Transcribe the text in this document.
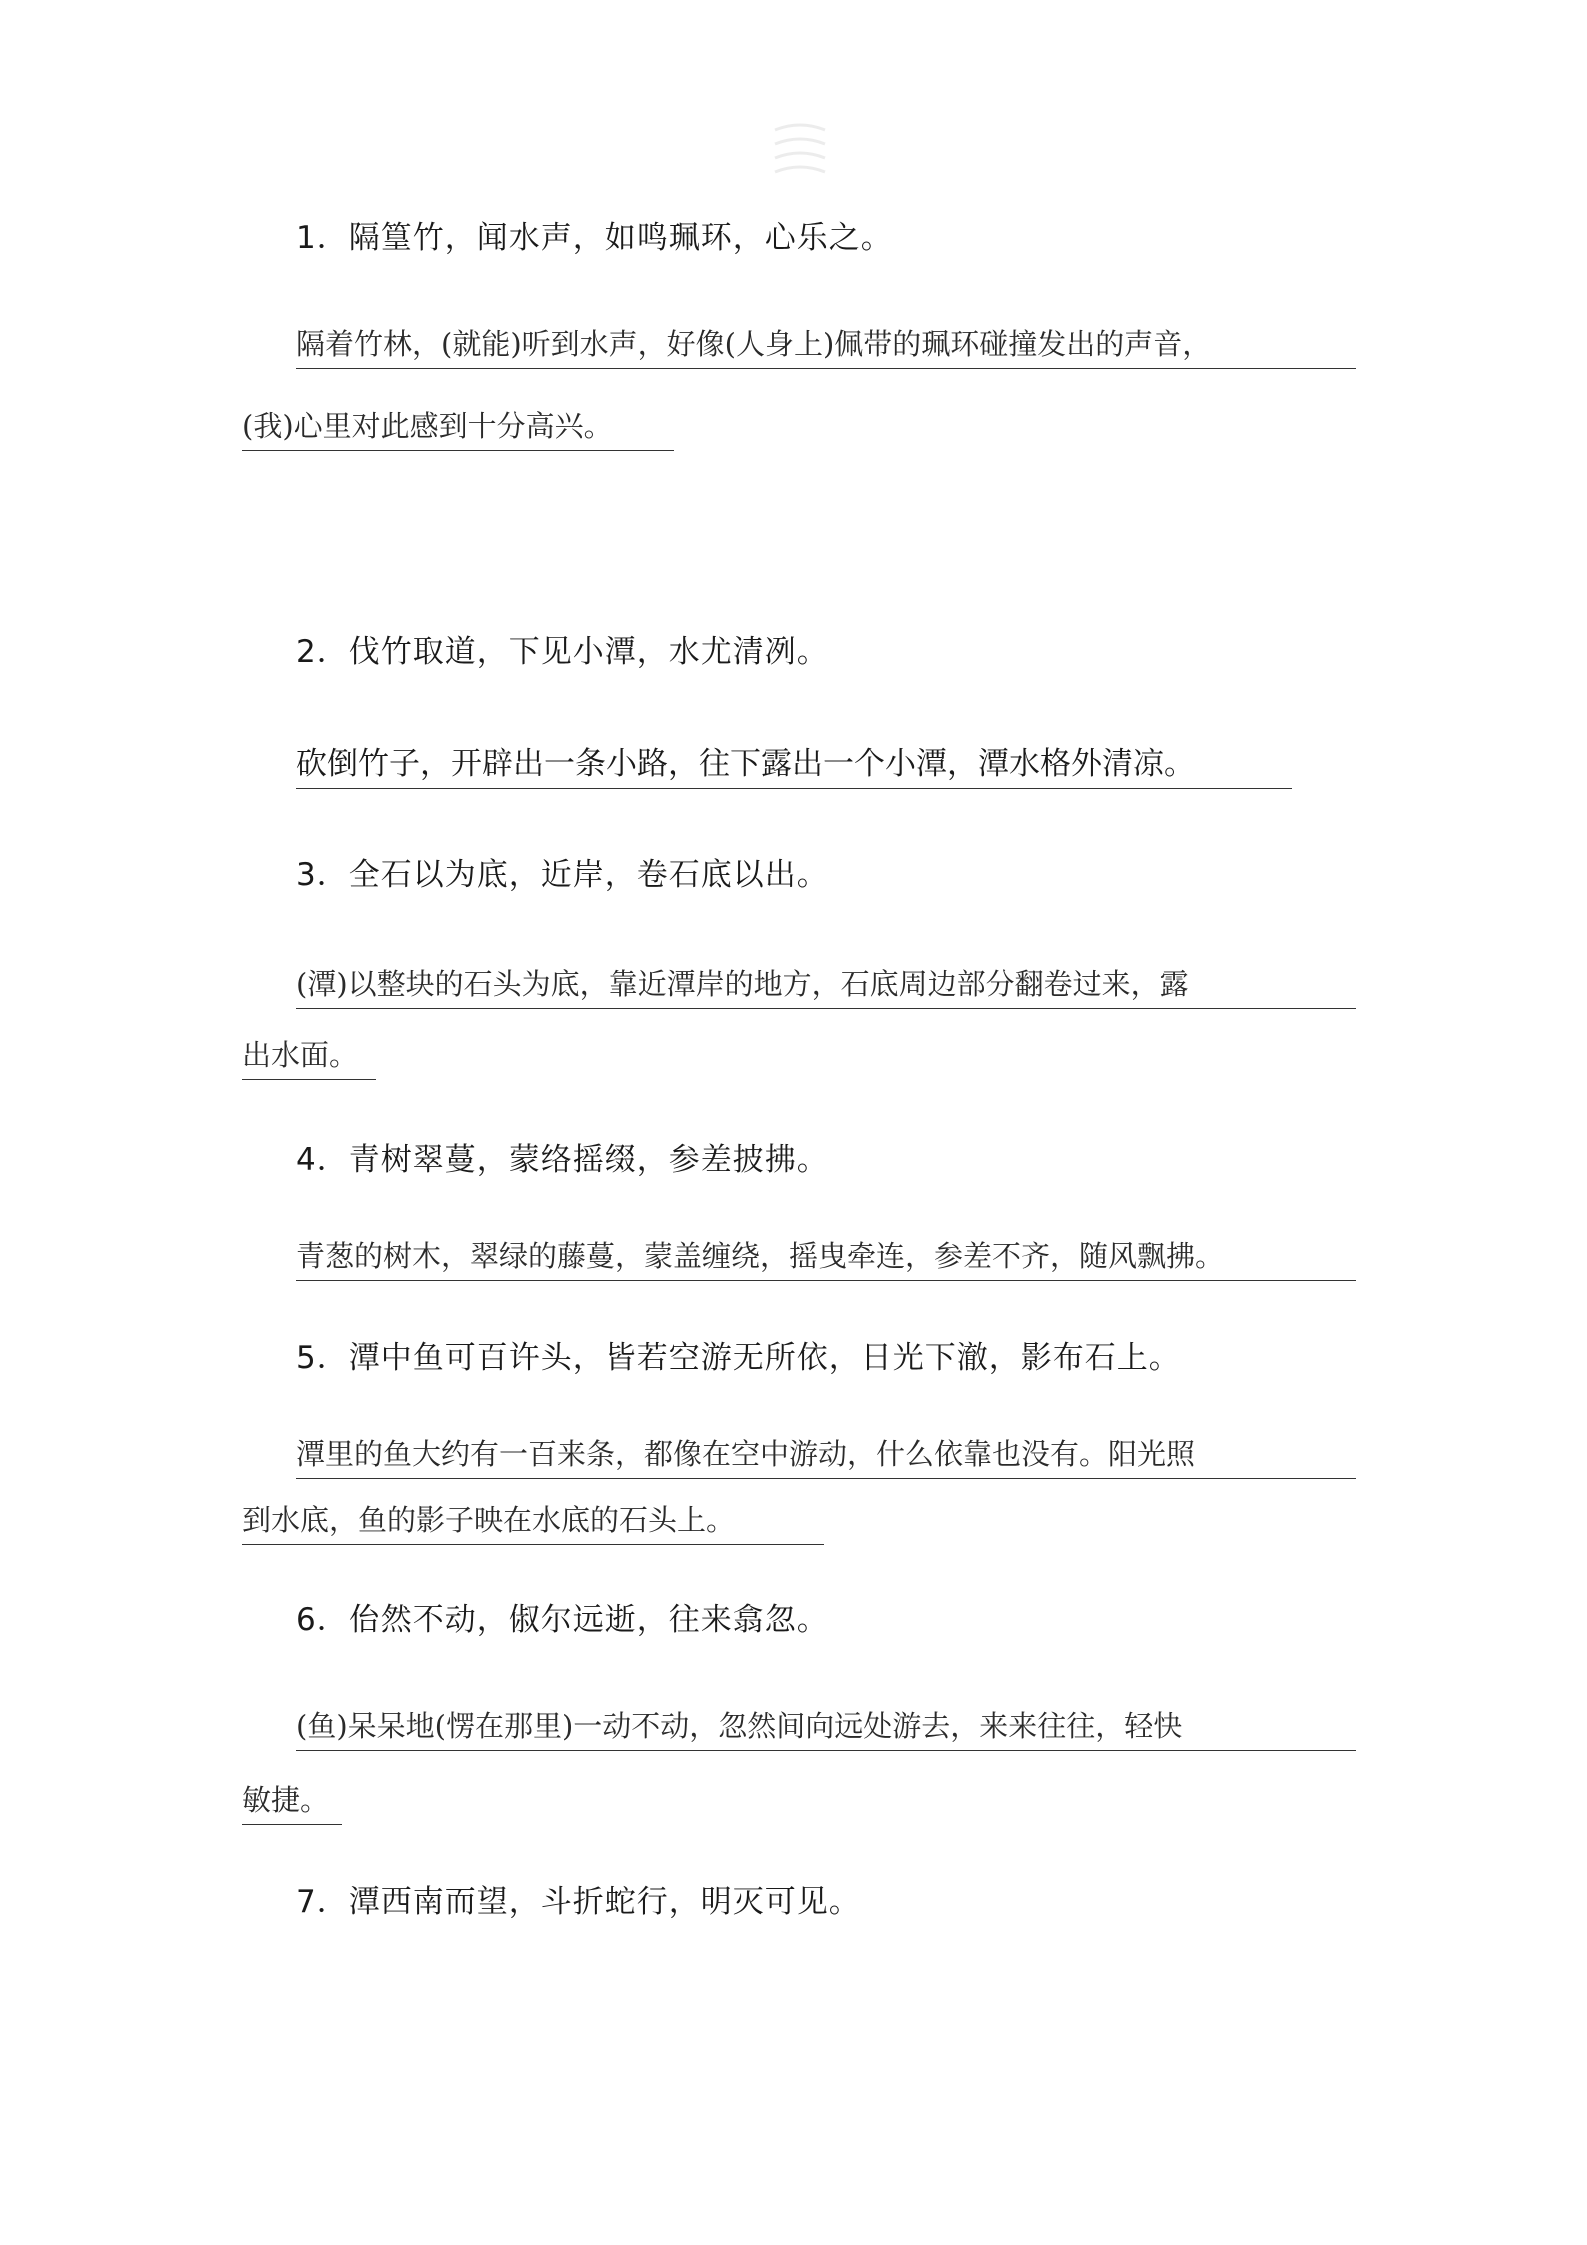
1．隔篁竹，闻水声，如鸣珮环，心乐之。
隔着竹林，(就能)听到水声，好像(人身上)佩带的珮环碰撞发出的声音，
(我)心里对此感到十分高兴。
2．伐竹取道，下见小潭，水尤清冽。
砍倒竹子，开辟出一条小路，往下露出一个小潭，潭水格外清凉。
3．全石以为底，近岸，卷石底以出。
(潭)以整块的石头为底，靠近潭岸的地方，石底周边部分翻卷过来，露
出水面。
4．青树翠蔓，蒙络摇缀，参差披拂。
青葱的树木，翠绿的藤蔓，蒙盖缠绕，摇曳牵连，参差不齐，随风飘拂。
5．潭中鱼可百许头，皆若空游无所依，日光下澈，影布石上。
潭里的鱼大约有一百来条，都像在空中游动，什么依靠也没有。阳光照
到水底，鱼的影子映在水底的石头上。
6．佁然不动，俶尔远逝，往来翕忽。
(鱼)呆呆地(愣在那里)一动不动，忽然间向远处游去，来来往往，轻快
敏捷。
7．潭西南而望，斗折蛇行，明灭可见。
